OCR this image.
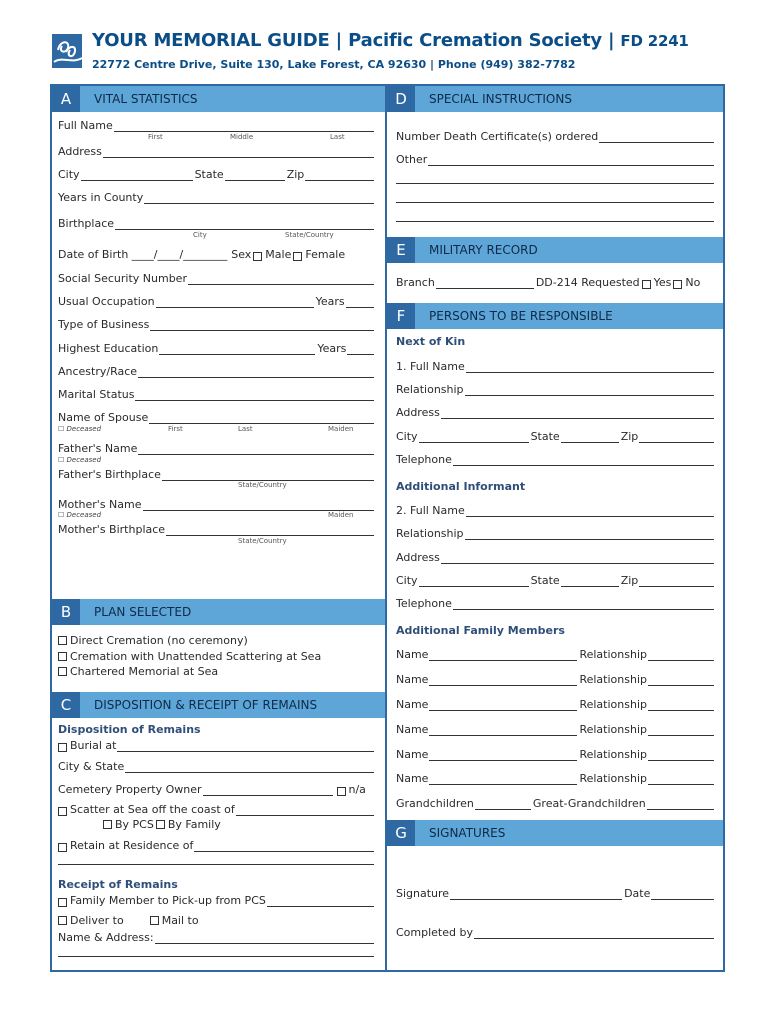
YOUR MEMORIAL GUIDE | Pacific Cremation Society | FD 2241
22772 Centre Drive, Suite 130, Lake Forest, CA 92630 | Phone (949) 382-7782
A	VITAL STATISTICS
Full Name
First	Middle	Last
Address
City	State	Zip
Years in County
Birthplace
City	State/Country
Date of Birth ____/____/________ Sex Male Female
Social Security Number
Usual Occupation	Years
Type of Business
Highest Education	Years
Ancestry/Race
Marital Status
Name of Spouse
☐ Deceased	First	Last	Maiden
Father's Name
☐ Deceased
Father's Birthplace
State/Country
Mother's Name
☐ Deceased	Maiden
Mother's Birthplace
State/Country
B	PLAN SELECTED
Direct Cremation (no ceremony)
Cremation with Unattended Scattering at Sea
Chartered Memorial at Sea
C	DISPOSITION & RECEIPT OF REMAINS
Disposition of Remains
Burial at
City & State
Cemetery Property Owner	n/a
Scatter at Sea off the coast of
By PCS By Family
Retain at Residence of
Receipt of Remains
Family Member to Pick-up from PCS
Deliver to	Mail to
Name & Address:
D	SPECIAL INSTRUCTIONS
Number Death Certificate(s) ordered
Other
E	MILITARY RECORD
Branch	DD-214 Requested Yes No
F	PERSONS TO BE RESPONSIBLE
Next of Kin
1. Full Name
Relationship
Address
City	State	Zip
Telephone
Additional Informant
2. Full Name
Relationship
Address
City	State	Zip
Telephone
Additional Family Members
Name	Relationship
Name	Relationship
Name	Relationship
Name	Relationship
Name	Relationship
Name	Relationship
Grandchildren	Great-Grandchildren
G	SIGNATURES
Signature	Date
Completed by
